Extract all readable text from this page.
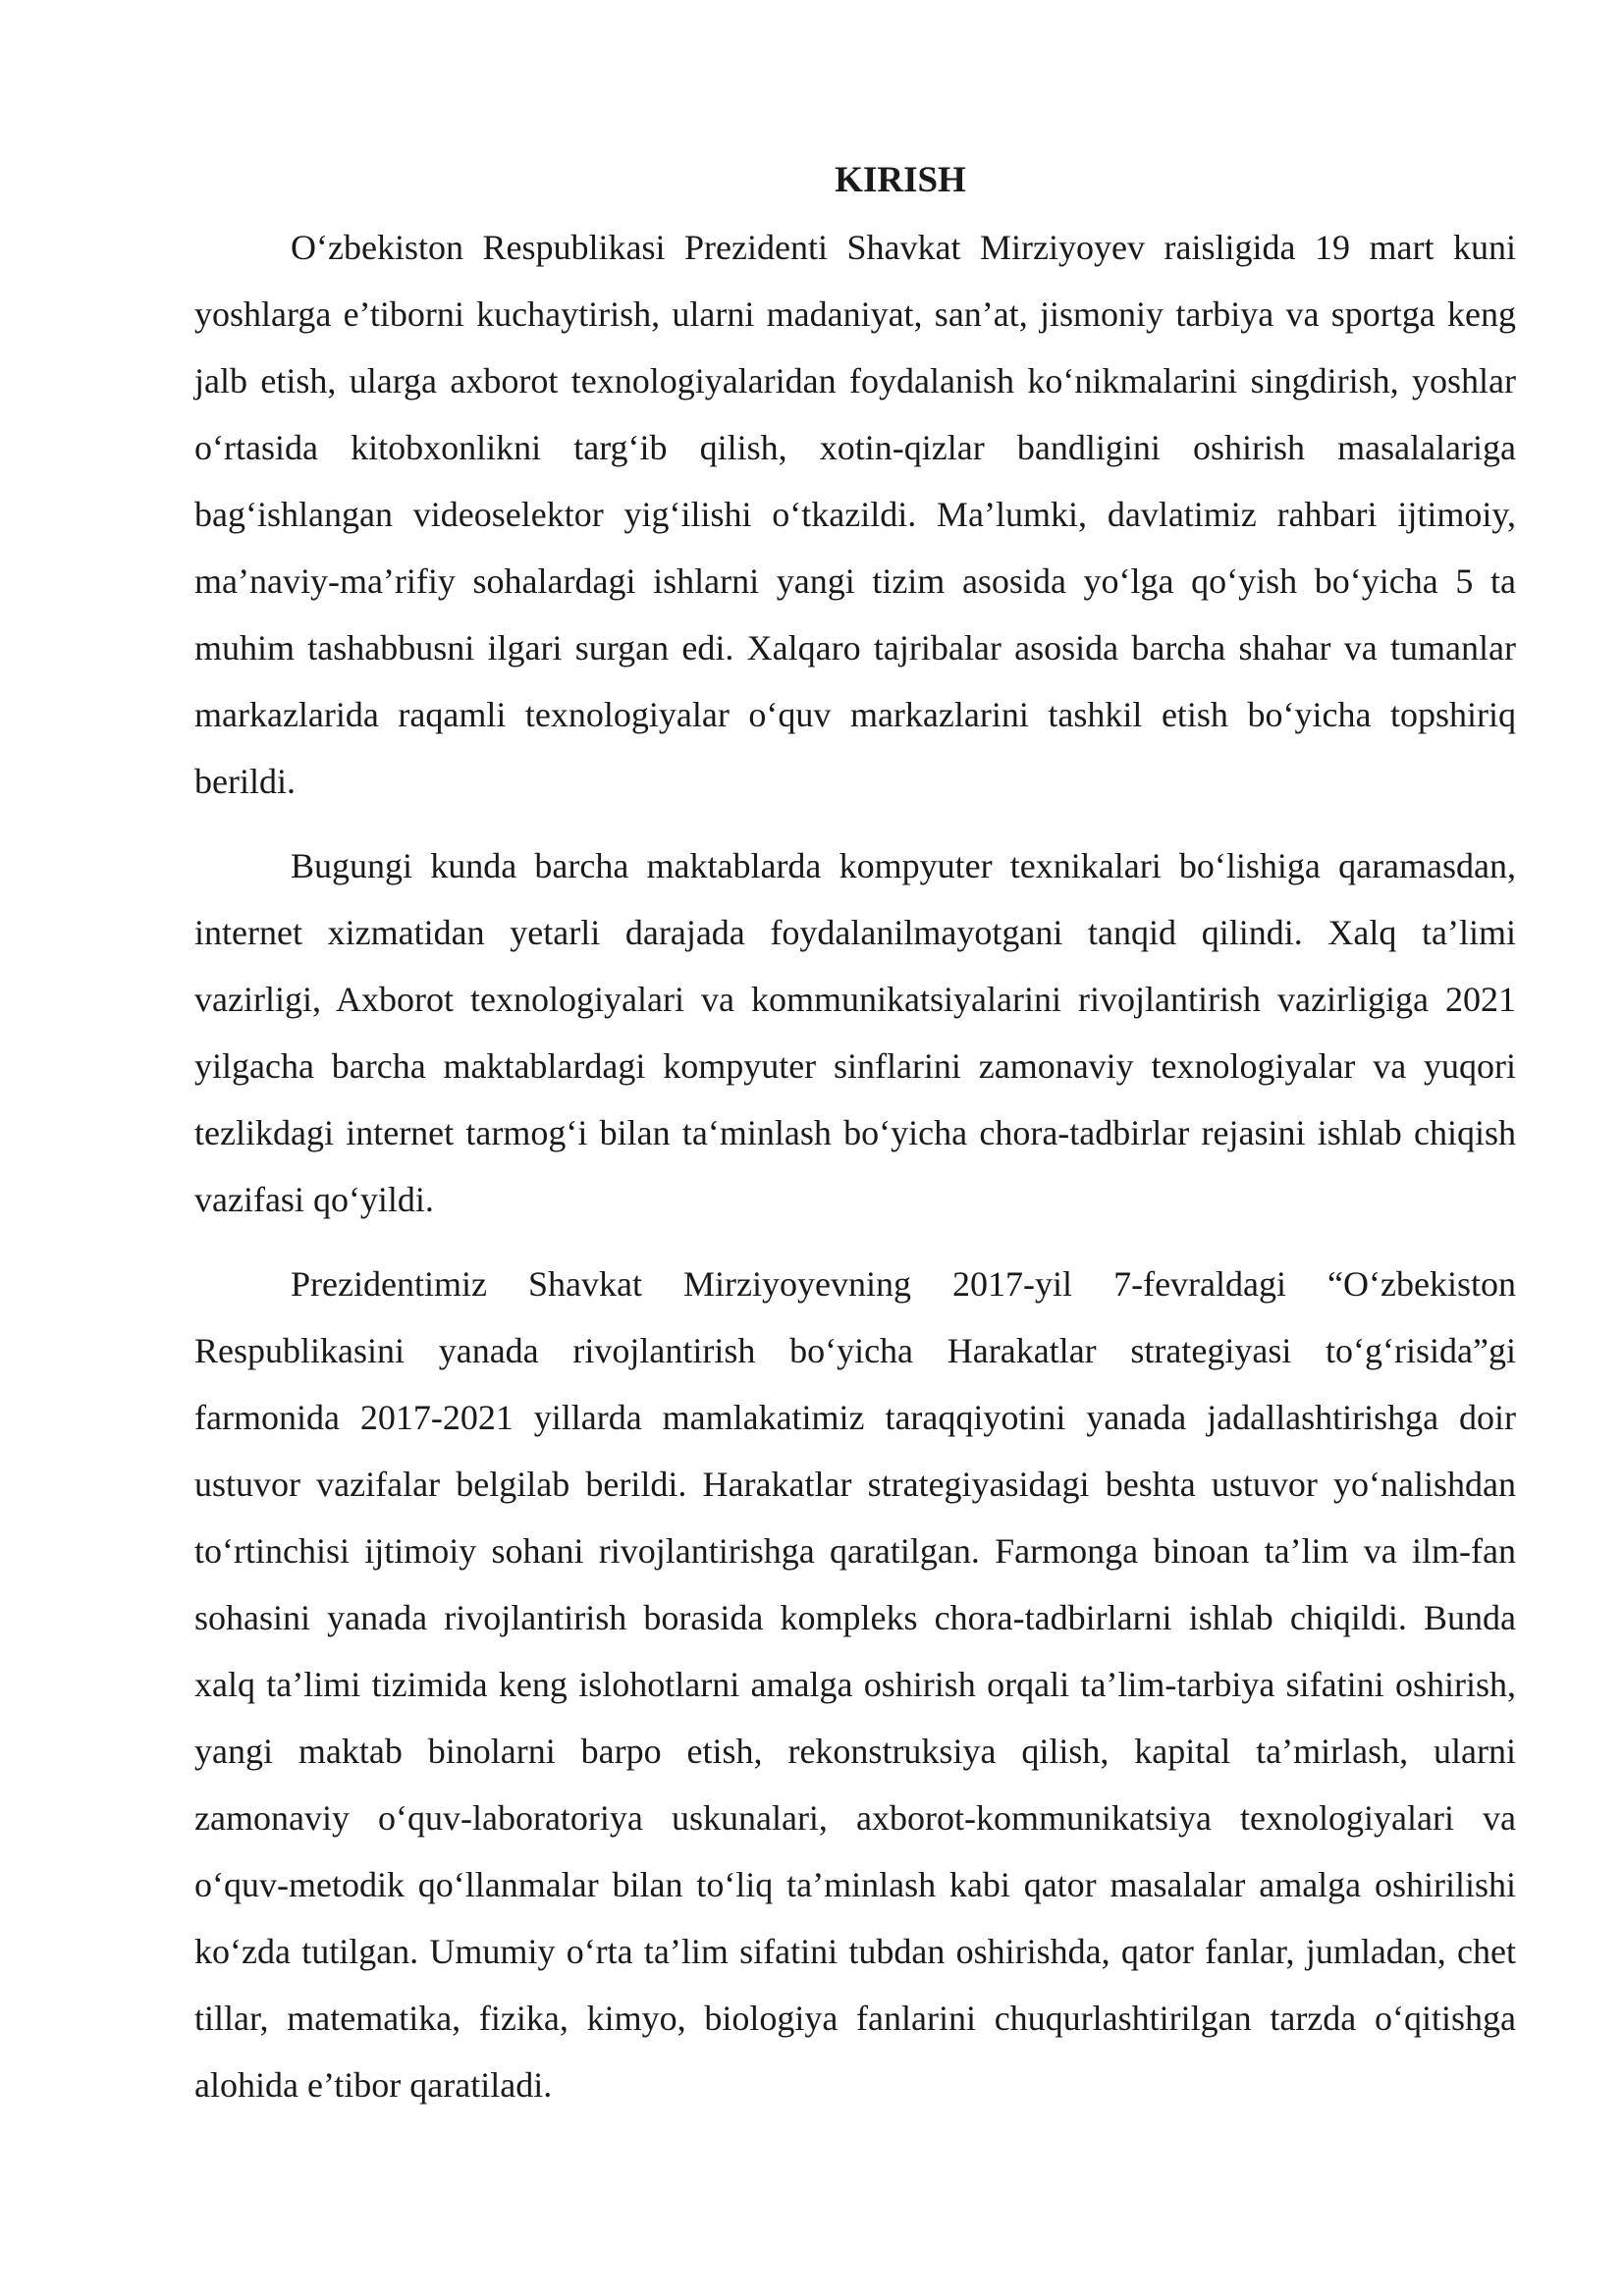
KIRISH

O‘zbekiston Respublikasi Prezidenti Shavkat Mirziyoyev raisligida 19 mart kuni yoshlarga e’tiborni kuchaytirish, ularni madaniyat, san’at, jismoniy tarbiya va sportga keng jalb etish, ularga axborot texnologiyalaridan foydalanish ko‘nikmalarini singdirish, yoshlar o‘rtasida kitobxonlikni targ‘ib qilish, xotin-qizlar bandligini oshirish masalalariga bag‘ishlangan videoselektor yig‘ilishi o‘tkazildi. Ma’lumki, davlatimiz rahbari ijtimoiy, ma’naviy-ma’rifiy sohalardagi ishlarni yangi tizim asosida yo‘lga qo‘yish bo‘yicha 5 ta muhim tashabbusni ilgari surgan edi. Xalqaro tajribalar asosida barcha shahar va tumanlar markazlarida raqamli texnologiyalar o‘quv markazlarini tashkil etish bo‘yicha topshiriq berildi.

Bugungi kunda barcha maktablarda kompyuter texnikalari bo‘lishiga qaramasdan, internet xizmatidan yetarli darajada foydalanilmayotgani tanqid qilindi. Xalq ta’limi vazirligi, Axborot texnologiyalari va kommunikatsiyalarini rivojlantirish vazirligiga 2021 yilgacha barcha maktablardagi kompyuter sinflarini zamonaviy texnologiyalar va yuqori tezlikdagi internet tarmog‘i bilan ta‘minlash bo‘yicha chora-tadbirlar rejasini ishlab chiqish vazifasi qo‘yildi.

Prezidentimiz Shavkat Mirziyoyevning 2017-yil 7-fevraldagi “O‘zbekiston Respublikasini yanada rivojlantirish bo‘yicha Harakatlar strategiyasi to‘g‘risida”gi farmonida 2017-2021 yillarda mamlakatimiz taraqqiyotini yanada jadallashtirishga doir ustuvor vazifalar belgilab berildi. Harakatlar strategiyasidagi beshta ustuvor yo‘nalishdan to‘rtinchisi ijtimoiy sohani rivojlantirishga qaratilgan. Farmonga binoan ta’lim va ilm-fan sohasini yanada rivojlantirish borasida kompleks chora-tadbirlarni ishlab chiqildi. Bunda xalq ta’limi tizimida keng islohotlarni amalga oshirish orqali ta’lim-tarbiya sifatini oshirish, yangi maktab binolarni barpo etish, rekonstruksiya qilish, kapital ta’mirlash, ularni zamonaviy o‘quv-laboratoriya uskunalari, axborot-kommunikatsiya texnologiyalari va o‘quv-metodik qo‘llanmalar bilan to‘liq ta’minlash kabi qator masalalar amalga oshirilishi ko‘zda tutilgan. Umumiy o‘rta ta’lim sifatini tubdan oshirishda, qator fanlar, jumladan, chet tillar, matematika, fizika, kimyo, biologiya fanlarini chuqurlashtirilgan tarzda o‘qitishga alohida e’tibor qaratiladi.
